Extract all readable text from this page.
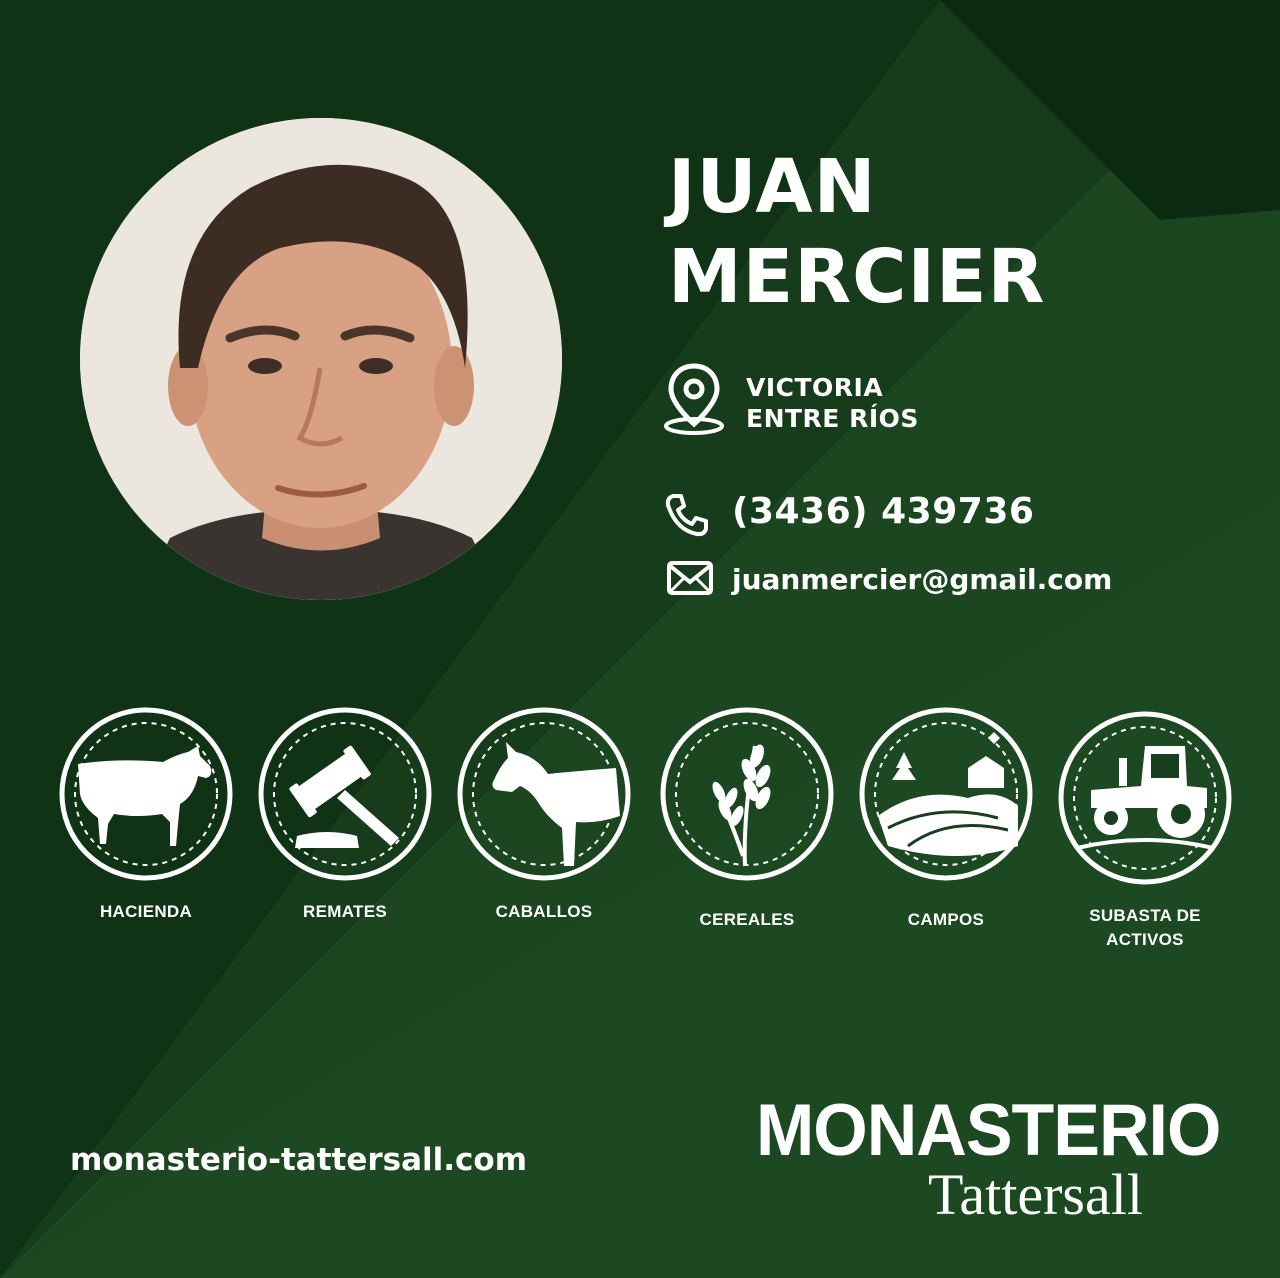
JUAN
MERCIER
VICTORIA
ENTRE RÍOS
(3436) 439736
juanmercier@gmail.com
HACIENDA	REMATES	CABALLOS	CEREALES	CAMPOS	SUBASTA DE
ACTIVOS
monasterio-tattersall.com	MONASTERIO
Tattersall
